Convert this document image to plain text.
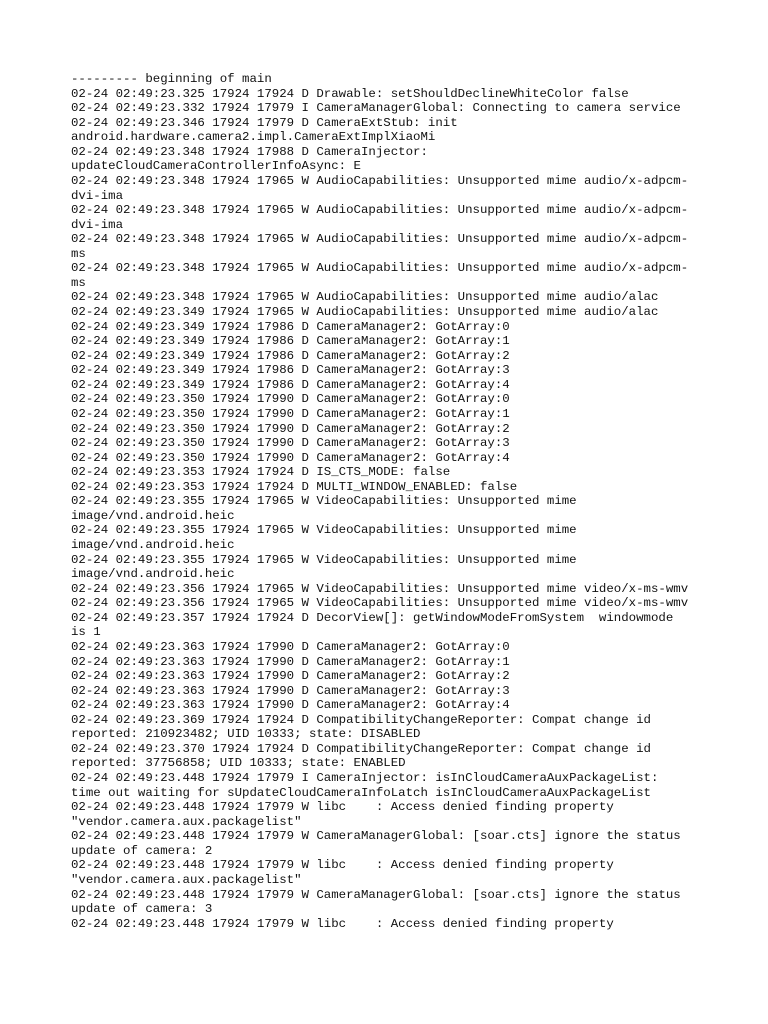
--------- beginning of main
02-24 02:49:23.325 17924 17924 D Drawable: setShouldDeclineWhiteColor false
02-24 02:49:23.332 17924 17979 I CameraManagerGlobal: Connecting to camera service
02-24 02:49:23.346 17924 17979 D CameraExtStub: init
android.hardware.camera2.impl.CameraExtImplXiaoMi
02-24 02:49:23.348 17924 17988 D CameraInjector:
updateCloudCameraControllerInfoAsync: E
02-24 02:49:23.348 17924 17965 W AudioCapabilities: Unsupported mime audio/x-adpcm-
dvi-ima
02-24 02:49:23.348 17924 17965 W AudioCapabilities: Unsupported mime audio/x-adpcm-
dvi-ima
02-24 02:49:23.348 17924 17965 W AudioCapabilities: Unsupported mime audio/x-adpcm-
ms
02-24 02:49:23.348 17924 17965 W AudioCapabilities: Unsupported mime audio/x-adpcm-
ms
02-24 02:49:23.348 17924 17965 W AudioCapabilities: Unsupported mime audio/alac
02-24 02:49:23.349 17924 17965 W AudioCapabilities: Unsupported mime audio/alac
02-24 02:49:23.349 17924 17986 D CameraManager2: GotArray:0
02-24 02:49:23.349 17924 17986 D CameraManager2: GotArray:1
02-24 02:49:23.349 17924 17986 D CameraManager2: GotArray:2
02-24 02:49:23.349 17924 17986 D CameraManager2: GotArray:3
02-24 02:49:23.349 17924 17986 D CameraManager2: GotArray:4
02-24 02:49:23.350 17924 17990 D CameraManager2: GotArray:0
02-24 02:49:23.350 17924 17990 D CameraManager2: GotArray:1
02-24 02:49:23.350 17924 17990 D CameraManager2: GotArray:2
02-24 02:49:23.350 17924 17990 D CameraManager2: GotArray:3
02-24 02:49:23.350 17924 17990 D CameraManager2: GotArray:4
02-24 02:49:23.353 17924 17924 D IS_CTS_MODE: false
02-24 02:49:23.353 17924 17924 D MULTI_WINDOW_ENABLED: false
02-24 02:49:23.355 17924 17965 W VideoCapabilities: Unsupported mime
image/vnd.android.heic
02-24 02:49:23.355 17924 17965 W VideoCapabilities: Unsupported mime
image/vnd.android.heic
02-24 02:49:23.355 17924 17965 W VideoCapabilities: Unsupported mime
image/vnd.android.heic
02-24 02:49:23.356 17924 17965 W VideoCapabilities: Unsupported mime video/x-ms-wmv
02-24 02:49:23.356 17924 17965 W VideoCapabilities: Unsupported mime video/x-ms-wmv
02-24 02:49:23.357 17924 17924 D DecorView[]: getWindowModeFromSystem  windowmode
is 1
02-24 02:49:23.363 17924 17990 D CameraManager2: GotArray:0
02-24 02:49:23.363 17924 17990 D CameraManager2: GotArray:1
02-24 02:49:23.363 17924 17990 D CameraManager2: GotArray:2
02-24 02:49:23.363 17924 17990 D CameraManager2: GotArray:3
02-24 02:49:23.363 17924 17990 D CameraManager2: GotArray:4
02-24 02:49:23.369 17924 17924 D CompatibilityChangeReporter: Compat change id
reported: 210923482; UID 10333; state: DISABLED
02-24 02:49:23.370 17924 17924 D CompatibilityChangeReporter: Compat change id
reported: 37756858; UID 10333; state: ENABLED
02-24 02:49:23.448 17924 17979 I CameraInjector: isInCloudCameraAuxPackageList:
time out waiting for sUpdateCloudCameraInfoLatch isInCloudCameraAuxPackageList
02-24 02:49:23.448 17924 17979 W libc    : Access denied finding property
"vendor.camera.aux.packagelist"
02-24 02:49:23.448 17924 17979 W CameraManagerGlobal: [soar.cts] ignore the status
update of camera: 2
02-24 02:49:23.448 17924 17979 W libc    : Access denied finding property
"vendor.camera.aux.packagelist"
02-24 02:49:23.448 17924 17979 W CameraManagerGlobal: [soar.cts] ignore the status
update of camera: 3
02-24 02:49:23.448 17924 17979 W libc    : Access denied finding property
